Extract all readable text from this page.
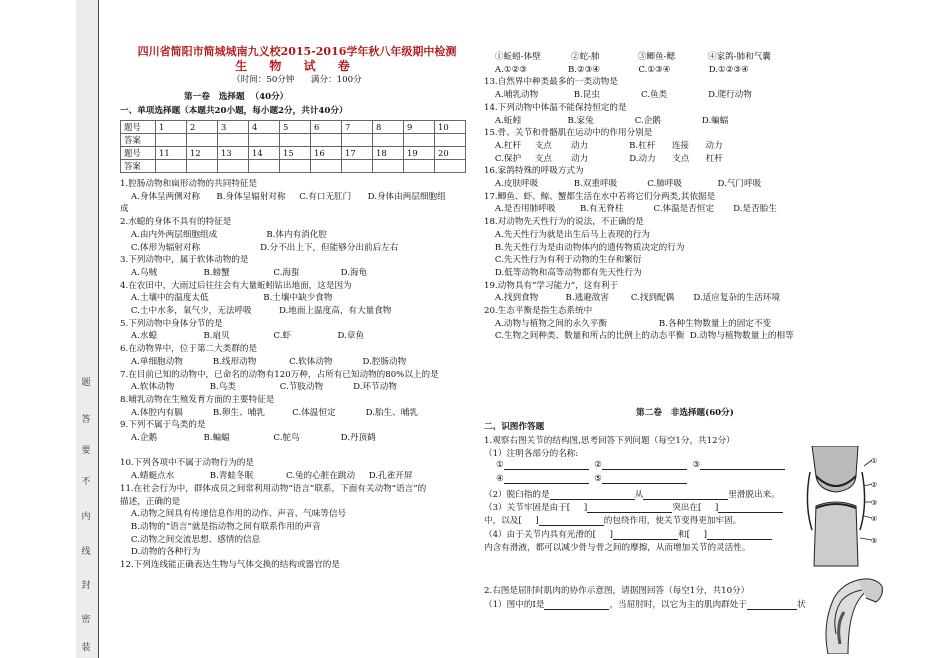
题
答
要
不
内
线
封
密
装
四川省简阳市简城城南九义校2015-2016学年秋八年级期中检测
生 物 试 卷
（时间：50分钟      满分：100分
第一卷   选择题  （40分）
一、单项选择题（本题共20小题，每小题2分，共计40分）
题号	1	2	3	4	5	6	7	8	9	10
答案										
题号	11	12	13	14	15	16	17	18	19	20
答案										
1.腔肠动物和扁形动物的共同特征是
A.身体呈两侧对称      B.身体呈辐射对称     C.有口无肛门      D.身体由两层细胞组
成
2.水螅的身体不具有的特征是
A.由内外两层细胞组成                  B.体内有消化腔
C.体形为辐射对称                      D.分不出上下，但能够分出前后左右
3.下列动物中，属于软体动物的是
A.乌贼                 B.螃蟹                C.海蜇               D.海龟
4.在农田中，大雨过后往往会有大量蚯蚓钻出地面，这是因为
A.土壤中的温度太低                    B.土壤中缺少食物
C.土中水多，氧气少，无法呼吸          D.地面上温度高，有大量食物
5.下列动物中身体分节的是
A.水螅                 B.扇贝                C.虾                 D.章鱼
6.在动物界中，位于第二大类群的是
A.单细胞动物           B.线形动物            C.软体动物           D.腔肠动物
7.在目前已知的动物中，已命名的动物有120万种，占所有已知动物的80%以上的是
A.软体动物             B.鸟类                C.节肢动物           D.环节动物
8.哺乳动物在生殖发育方面的主要特征是
A.体腔内有膈           B.卵生、哺乳          C.体温恒定           D.胎生、哺乳
9.下列不属于鸟类的是
A.企鹅                 B.蝙蝠                C.鸵鸟               D.丹顶鹤
10.下列各项中不属于动物行为的是
A.蜻蜓点水             B.青蛙冬眠            C.兔的心脏在跳动     D.孔雀开屏
11.在社会行为中，群体成员之间常利用动物“语言”联系，下面有关动物“语言”的
描述，正确的是
A.动物之间具有传递信息作用的动作、声音、气味等信号
B.动物的“语言”就是指动物之间有联系作用的声音
C.动物之间交流思想、感情的信息
D.动物的各种行为
12.下列连线能正确表达生物与气体交换的结构或器官的是
①蚯蚓-体壁           ②蛇-肺              ③鲫鱼-鳃            ④家鸽-肺和气囊
A.①②③               B.②③④              C.①③④              D.①②③④
13.自然界中种类最多的一类动物是
A.哺乳动物             B.昆虫               C.鱼类               D.爬行动物
14.下列动物中体温不能保持恒定的是
A.蚯蚓                 B.家兔               C.企鹅               D.蝙蝠
15.骨、关节和骨骼肌在运动中的作用分别是
A.杠杆     支点       动力               B.杠杆      连接      动力
C.保护     支点       动力               D.动力      支点      杠杆
16.家鸽特殊的呼吸方式为
A.皮肤呼吸             B.双重呼吸           C.肺呼吸             D.气门呼吸
17.鲫鱼、虾、鲸、蟹都生活在水中若将它们分两类,其依据是
A.是否用肺呼吸         B.有无脊柱           C.体温是否恒定       D.是否胎生
18.对动物先天性行为的说法，不正确的是
A.先天性行为就是出生后马上表现的行为
B.先天性行为是由动物体内的遗传物质决定的行为
C.先天性行为有利于动物的生存和繁衍
D.低等动物和高等动物都有先天性行为
19.动物具有“学习能力”，这有利于
A.找到食物          B.逃避敌害        C.找到配偶       D.适应复杂的生活环境
20.生态平衡是指生态系统中
A.动物与植物之间的永久平衡                   B.各种生物数量上的固定不变
C.生物之间种类、数量和所占的比例上的动态平衡  D.动物与植物数量上的相等
第二卷   非选择题(60分)
二、识图作答题
1.观察右图关节的结构图,思考回答下列问题（每空1分，共12分）
（1）注明各部分的名称:
①	②	③
④	⑤
（2）脱臼指的是	从	里滑脱出来。
（3）关节牢固是由于[     ]	突出在[     ]
中，以及[     ]	的包绕作用，使关节变得更加牢固。
（4）由于关节内具有光滑的[     ]	和[     ]
内含有滑液，都可以减少骨与骨之间的摩擦，从而增加关节的灵活性。
2.右图是屈肘时肌肉的协作示意图，请据图回答（每空1分，共10分）
（1）图中的Ⅰ是	，当屈肘时，以它为主的肌肉群处于	状
①
②
③
④
⑤
